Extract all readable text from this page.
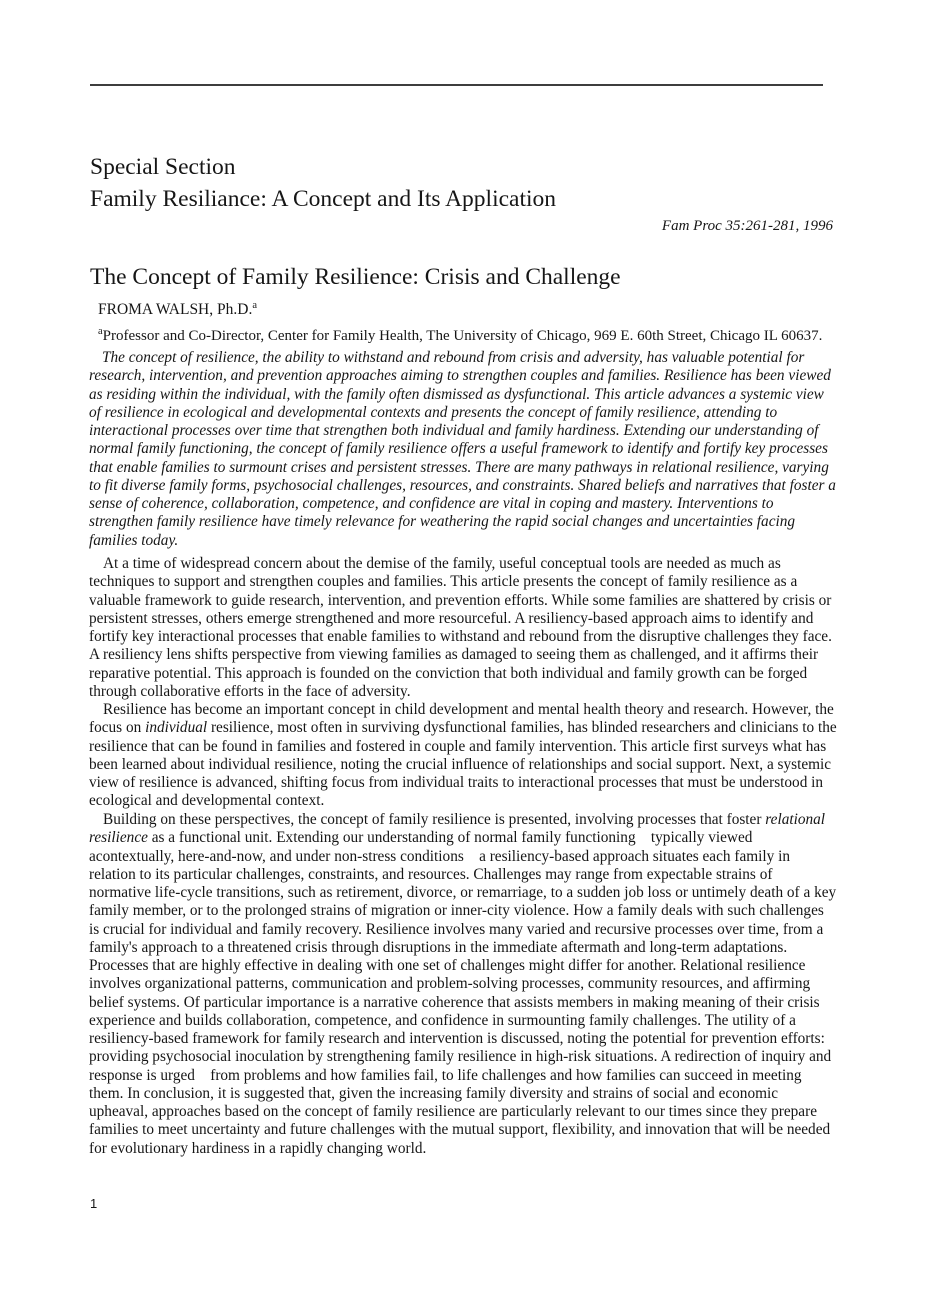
Special Section
Family Resiliance: A Concept and Its Application
Fam Proc 35:261-281, 1996
The Concept of Family Resilience: Crisis and Challenge
FROMA WALSH, Ph.D.$^a$
$^a$Professor and Co-Director, Center for Family Health, The University of Chicago, 969 E. 60th Street, Chicago IL 60637.

The concept of resilience, the ability to withstand and rebound from crisis and adversity, has valuable potential for research, intervention, and prevention approaches aiming to strengthen couples and families. Resilience has been viewed as residing within the individual, with the family often dismissed as dysfunctional. This article advances a systemic view of resilience in ecological and developmental contexts and presents the concept of family resilience, attending to interactional processes over time that strengthen both individual and family hardiness. Extending our understanding of normal family functioning, the concept of family resilience offers a useful framework to identify and fortify key processes that enable families to surmount crises and persistent stresses. There are many pathways in relational resilience, varying to fit diverse family forms, psychosocial challenges, resources, and constraints. Shared beliefs and narratives that foster a sense of coherence, collaboration, competence, and confidence are vital in coping and mastery. Interventions to strengthen family resilience have timely relevance for weathering the rapid social changes and uncertainties facing families today.

At a time of widespread concern about the demise of the family, useful conceptual tools are needed as much as techniques to support and strengthen couples and families. This article presents the concept of family resilience as a valuable framework to guide research, intervention, and prevention efforts. While some families are shattered by crisis or persistent stresses, others emerge strengthened and more resourceful. A resiliency-based approach aims to identify and fortify key interactional processes that enable families to withstand and rebound from the disruptive challenges they face. A resiliency lens shifts perspective from viewing families as damaged to seeing them as challenged, and it affirms their reparative potential. This approach is founded on the conviction that both individual and family growth can be forged through collaborative efforts in the face of adversity.

Resilience has become an important concept in child development and mental health theory and research. However, the focus on individual resilience, most often in surviving dysfunctional families, has blinded researchers and clinicians to the resilience that can be found in families and fostered in couple and family intervention. This article first surveys what has been learned about individual resilience, noting the crucial influence of relationships and social support. Next, a systemic view of resilience is advanced, shifting focus from individual traits to interactional processes that must be understood in ecological and developmental context.

Building on these perspectives, the concept of family resilience is presented, involving processes that foster relational resilience as a functional unit. Extending our understanding of normal family functioning typically viewed acontextually, here-and-now, and under non-stress conditions a resiliency-based approach situates each family in relation to its particular challenges, constraints, and resources. Challenges may range from expectable strains of normative life-cycle transitions, such as retirement, divorce, or remarriage, to a sudden job loss or untimely death of a key family member, or to the prolonged strains of migration or inner-city violence. How a family deals with such challenges is crucial for individual and family recovery. Resilience involves many varied and recursive processes over time, from a family's approach to a threatened crisis through disruptions in the immediate aftermath and long-term adaptations. Processes that are highly effective in dealing with one set of challenges might differ for another. Relational resilience involves organizational patterns, communication and problem-solving processes, community resources, and affirming belief systems. Of particular importance is a narrative coherence that assists members in making meaning of their crisis experience and builds collaboration, competence, and confidence in surmounting family challenges. The utility of a resiliency-based framework for family research and intervention is discussed, noting the potential for prevention efforts: providing psychosocial inoculation by strengthening family resilience in high-risk situations. A redirection of inquiry and response is urged from problems and how families fail, to life challenges and how families can succeed in meeting them. In conclusion, it is suggested that, given the increasing family diversity and strains of social and economic upheaval, approaches based on the concept of family resilience are particularly relevant to our times since they prepare families to meet uncertainty and future challenges with the mutual support, flexibility, and innovation that will be needed for evolutionary hardiness in a rapidly changing world.

1
